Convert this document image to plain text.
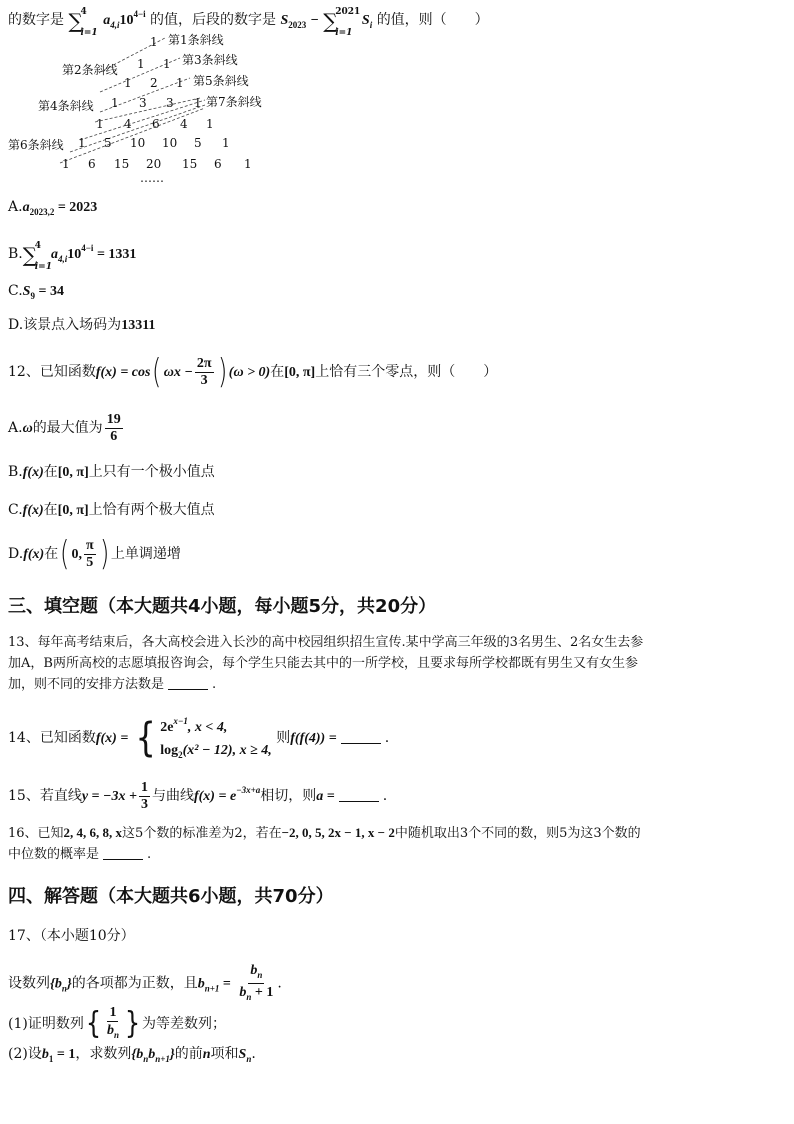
的数字是 ∑
4
i=1
$a_{4,i}10^{4-i}$ 的值，后段的数字是 $S_{2023}$ − ∑
2021
i=1
$S_i$ 的值，则（　　）
第1条斜线
第2条斜线
第3条斜线
第5条斜线
第4条斜线	第7条斜线
第6条斜线
1
1 1
1 2 1
1 3 3 1
1 4 6 4 1
1 5 10 10 5 1
1 6 15 20 15 6 1
……
$A.a_{2023,2} = 2023$
B.∑
4
i=1
$a_{4,i}10^{4-i} = 1331$
$C.S_9 = 34$
D.该景点入场码为13311
12、已知函数f(x) = cos( $\omega x - \frac{2\pi}{3}$ ) (ω > 0)在[0, π]上恰有三个零点，则（　　）
A.ω的最大值为 $\frac{19}{6}$
B.f(x)在[0, π]上只有一个极小值点
C.f(x)在[0, π]上恰有两个极大值点
D.f(x)在( 0, $\frac{\pi}{5}$ ) 上单调递增
三、填空题（本大题共4小题，每小题5分，共20分）
13、每年高考结束后，各大高校会进入长沙的高中校园组织招生宣传.某中学高三年级的3名男生、2名女生去参
加A，B两所高校的志愿填报咨询会，每个学生只能去其中的一所学校，且要求每所学校都既有男生又有女生参
加，则不同的安排方法数是	.
14、已知函数f(x) = { $2e^{x-1}$, x < 4,
$\log_2(x^2 - 12)$, x ≥ 4,
则f(f(4)) =	.
15、若直线$y = -3x + \frac{1}{3}$ 与曲线$f(x) = e^{-3x+a}$相切，则a =	.
16、已知2, 4, 6, 8, x这5个数的标准差为2，若在−2, 0, 5, 2x − 1, x − 2中随机取出3个不同的数，则5为这3个数的
中位数的概率是	.
四、解答题（本大题共6小题，共70分）
17、（本小题10分）
设数列$\{b_n\}$的各项都为正数，且$b_{n+1} = \frac{b_n}{b_n + 1}$ .
(1)证明数列{ $\frac{1}{b_n}$ } 为等差数列；
(2)设$b_1 = 1$，求数列$\{b_nb_{n+1}\}$的前n项和$S_n$.
